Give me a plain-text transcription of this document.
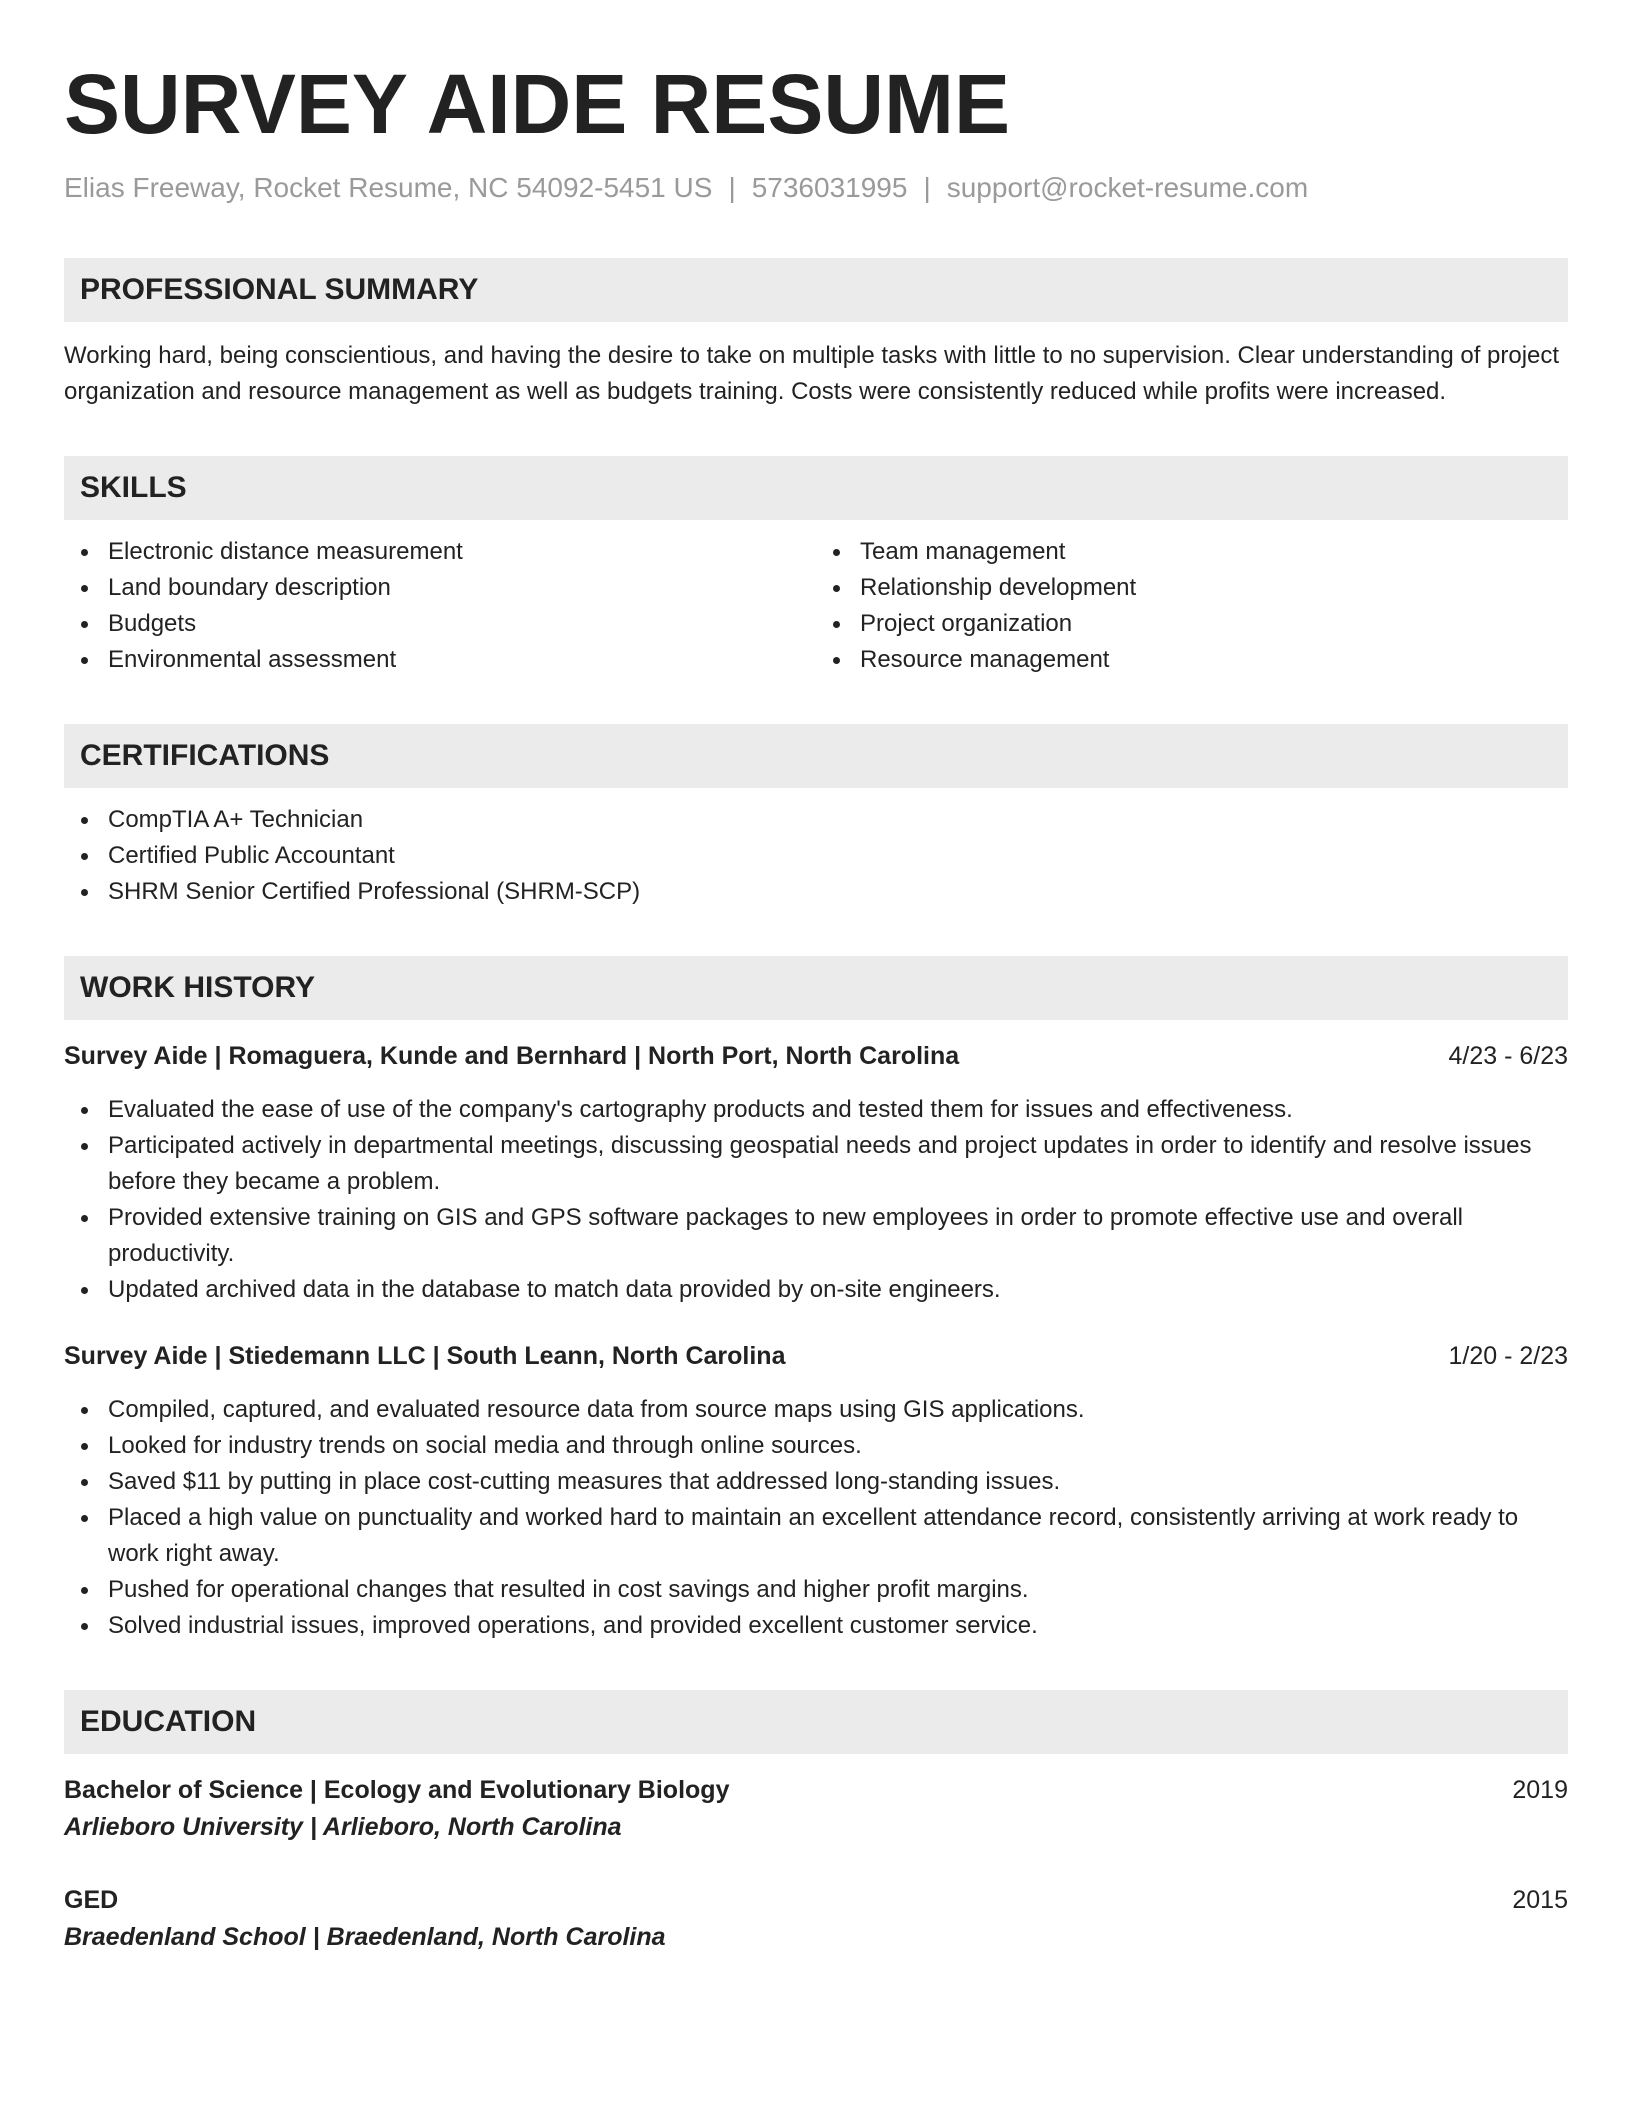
SURVEY AIDE RESUME
Elias Freeway, Rocket Resume, NC 54092-5451 US | 5736031995 | support@rocket-resume.com
PROFESSIONAL SUMMARY
Working hard, being conscientious, and having the desire to take on multiple tasks with little to no supervision. Clear understanding of project organization and resource management as well as budgets training. Costs were consistently reduced while profits were increased.
SKILLS
Electronic distance measurement
Land boundary description
Budgets
Environmental assessment
Team management
Relationship development
Project organization
Resource management
CERTIFICATIONS
CompTIA A+ Technician
Certified Public Accountant
SHRM Senior Certified Professional (SHRM-SCP)
WORK HISTORY
Survey Aide | Romaguera, Kunde and Bernhard | North Port, North Carolina	4/23 - 6/23
Evaluated the ease of use of the company's cartography products and tested them for issues and effectiveness.
Participated actively in departmental meetings, discussing geospatial needs and project updates in order to identify and resolve issues before they became a problem.
Provided extensive training on GIS and GPS software packages to new employees in order to promote effective use and overall productivity.
Updated archived data in the database to match data provided by on-site engineers.
Survey Aide | Stiedemann LLC | South Leann, North Carolina	1/20 - 2/23
Compiled, captured, and evaluated resource data from source maps using GIS applications.
Looked for industry trends on social media and through online sources.
Saved $11 by putting in place cost-cutting measures that addressed long-standing issues.
Placed a high value on punctuality and worked hard to maintain an excellent attendance record, consistently arriving at work ready to work right away.
Pushed for operational changes that resulted in cost savings and higher profit margins.
Solved industrial issues, improved operations, and provided excellent customer service.
EDUCATION
Bachelor of Science | Ecology and Evolutionary Biology	2019
Arlieboro University | Arlieboro, North Carolina
GED	2015
Braedenland School | Braedenland, North Carolina
